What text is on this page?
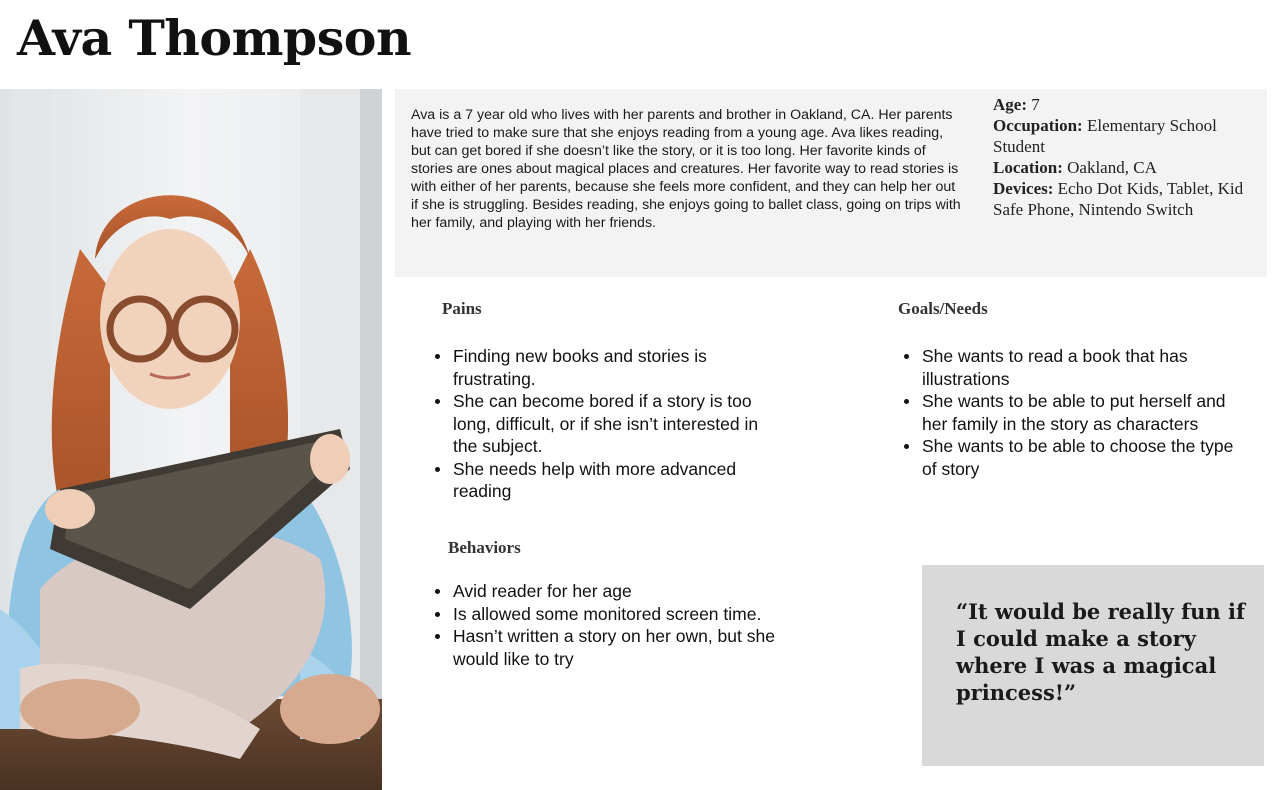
Ava Thompson

Ava is a 7 year old who lives with her parents and brother in Oakland, CA. Her parents have tried to make sure that she enjoys reading from a young age. Ava likes reading, but can get bored if she doesn’t like the story, or it is too long. Her favorite kinds of stories are ones about magical places and creatures. Her favorite way to read stories is with either of her parents, because she feels more confident, and they can help her out if she is struggling. Besides reading, she enjoys going to ballet class, going on trips with her family, and playing with her friends.

Age: 7
Occupation: Elementary School Student
Location: Oakland, CA
Devices: Echo Dot Kids, Tablet, Kid Safe Phone, Nintendo Switch
Pains
Finding new books and stories is frustrating.
She can become bored if a story is too long, difficult, or if she isn’t interested in the subject.
She needs help with more advanced reading
Goals/Needs
She wants to read a book that has illustrations
She wants to be able to put herself and her family in the story as characters
She wants to be able to choose the type of story
Behaviors
Avid reader for her age
Is allowed some monitored screen time.
Hasn’t written a story on her own, but she would like to try

“It would be really fun if I could make a story where I was a magical princess!”
